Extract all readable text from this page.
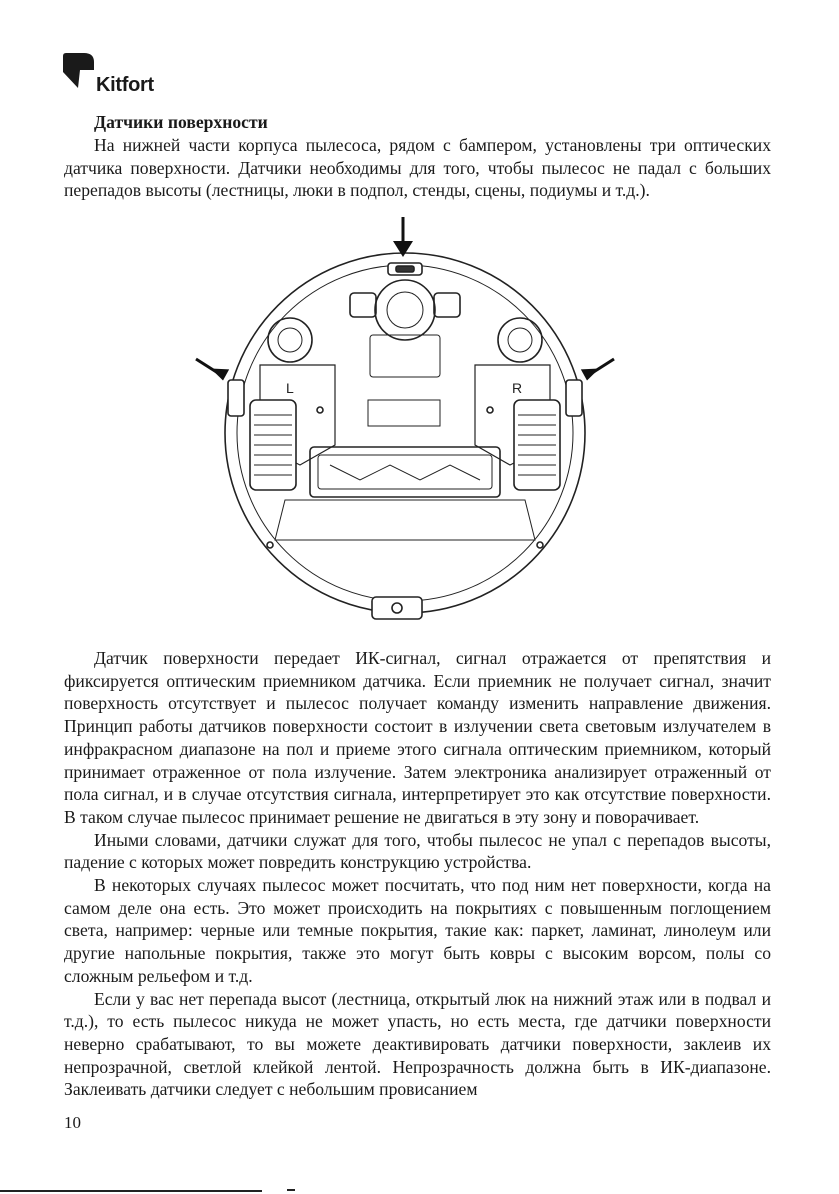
Kitfort
Датчики поверхности

На нижней части корпуса пылесоса, рядом с бампером, установлены три оптических датчика поверхности. Датчики необходимы для того, чтобы пылесос не падал с больших перепадов высоты (лестницы, люки в подпол, стенды, сцены, подиумы и т.д.).

L	R

Датчик поверхности передает ИК-сигнал, сигнал отражается от препятствия и фиксируется оптическим приемником датчика. Если приемник не получает сигнал, значит поверхность отсутствует и пылесос получает команду изменить направление движения. Принцип работы датчиков поверхности состоит в излучении света световым излучателем в инфракрасном диапазоне на пол и приеме этого сигнала оптическим приемником, который принимает отраженное от пола излучение. Затем электроника анализирует отраженный от пола сигнал, и в случае отсутствия сигнала, интерпретирует это как отсутствие поверхности. В таком случае пылесос принимает решение не двигаться в эту зону и поворачивает.

Иными словами, датчики служат для того, чтобы пылесос не упал с перепадов высоты, падение с которых может повредить конструкцию устройства.

В некоторых случаях пылесос может посчитать, что под ним нет поверхности, когда на самом деле она есть. Это может происходить на покрытиях с повышенным поглощением света, например: черные или темные покрытия, такие как: паркет, ламинат, линолеум или другие напольные покрытия, также это могут быть ковры с высоким ворсом, полы со сложным рельефом и т.д.

Если у вас нет перепада высот (лестница, открытый люк на нижний этаж или в подвал и т.д.), то есть пылесос никуда не может упасть, но есть места, где датчики поверхности неверно срабатывают, то вы можете деактивировать датчики поверхности, заклеив их непрозрачной, светлой клейкой лентой. Непрозрачность должна быть в ИК-диапазоне. Заклеивать датчики следует с небольшим провисанием

10
